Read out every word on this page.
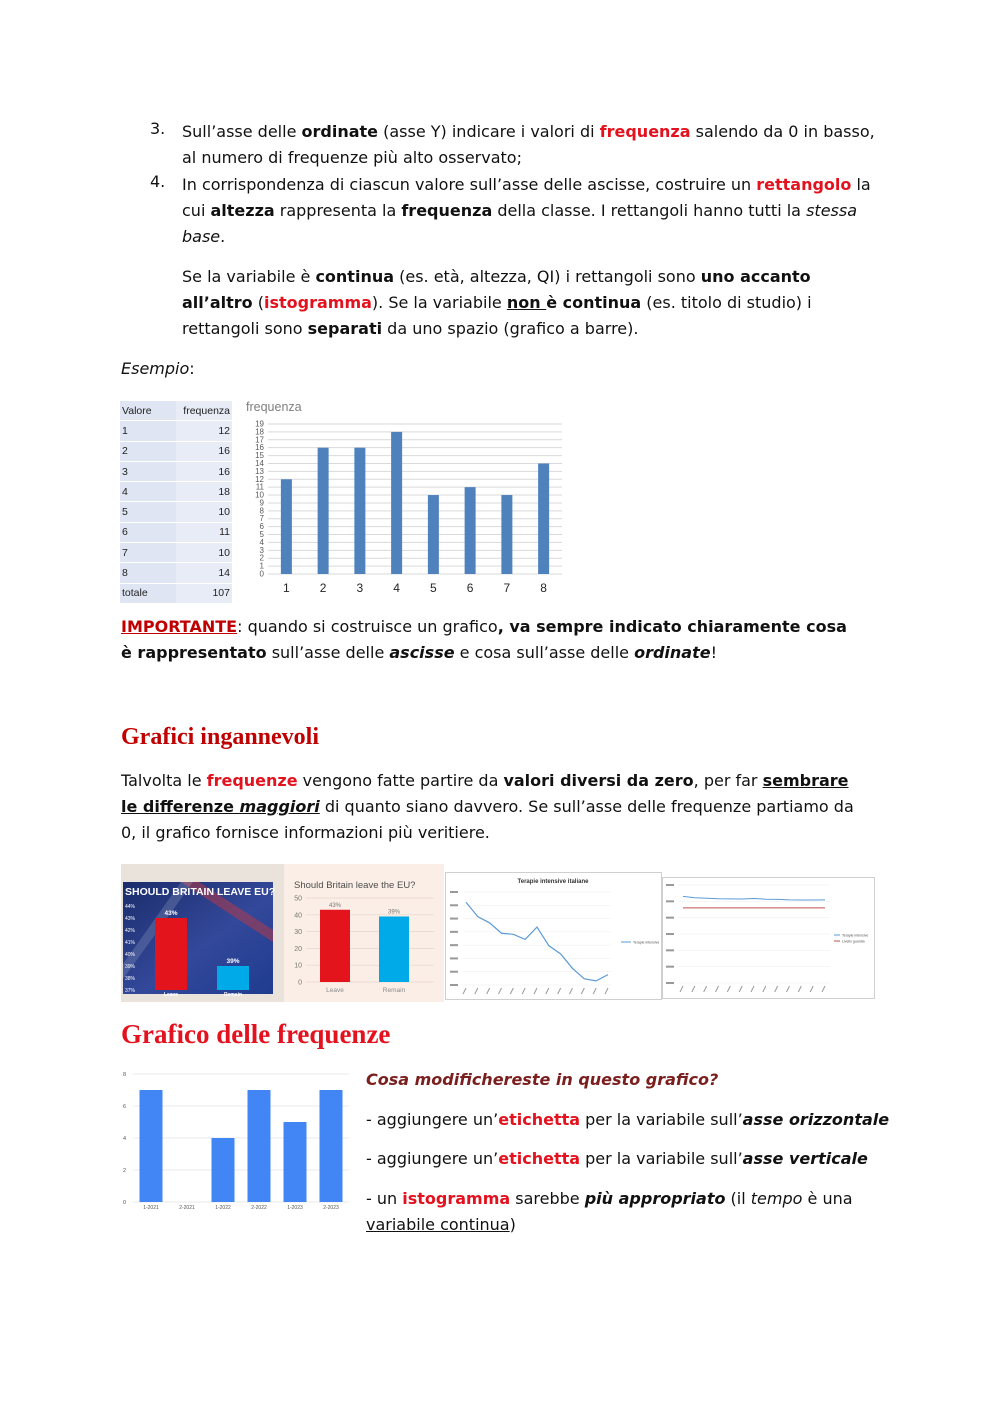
3. Sull’asse delle ordinate (asse Y) indicare i valori di frequenza salendo da 0 in basso, al numero di frequenze più alto osservato;
4. In corrispondenza di ciascun valore sull’asse delle ascisse, costruire un rettangolo la cui altezza rappresenta la frequenza della classe. I rettangoli hanno tutti la stessa base.
Se la variabile è continua (es. età, altezza, QI) i rettangoli sono uno accanto all’altro (istogramma). Se la variabile non è continua (es. titolo di studio) i rettangoli sono separati da uno spazio (grafico a barre).
Esempio:
Valore	frequenza
1	12
2	16
3	16
4	18
5	10
6	11
7	10
8	14
totale	107
frequenza
0
1
2
3
4
5
6
7
8
9
10
11
12
13
14
15
16
17
18
19
1	2	3	4	5	6	7	8
IMPORTANTE: quando si costruisce un grafico, va sempre indicato chiaramente cosa è rappresentato sull’asse delle ascisse e cosa sull’asse delle ordinate!
Grafici ingannevoli
Talvolta le frequenze vengono fatte partire da valori diversi da zero, per far sembrare le differenze maggiori di quanto siano davvero. Se sull’asse delle frequenze partiamo da 0, il grafico fornisce informazioni più veritiere.
SHOULD BRITAIN LEAVE EU?
44%
43%
42%
41%
40%
39%
38%
37%
43%
Leave
39%
Remain
Should Britain leave the EU?
50
40
30
20
10
0
43%
Leave
39%
Remain
Terapie intensive italiane
Terapie intensive
Terapie intensive
Livello guardia
Grafico delle frequenze
0
2
4
6
8
1-2021	2-2021	1-2022	2-2022	1-2023	2-2023
Cosa modifichereste in questo grafico?
- aggiungere un’etichetta per la variabile sull’asse orizzontale
- aggiungere un’etichetta per la variabile sull’asse verticale
- un istogramma sarebbe più appropriato (il tempo è una variabile continua)
